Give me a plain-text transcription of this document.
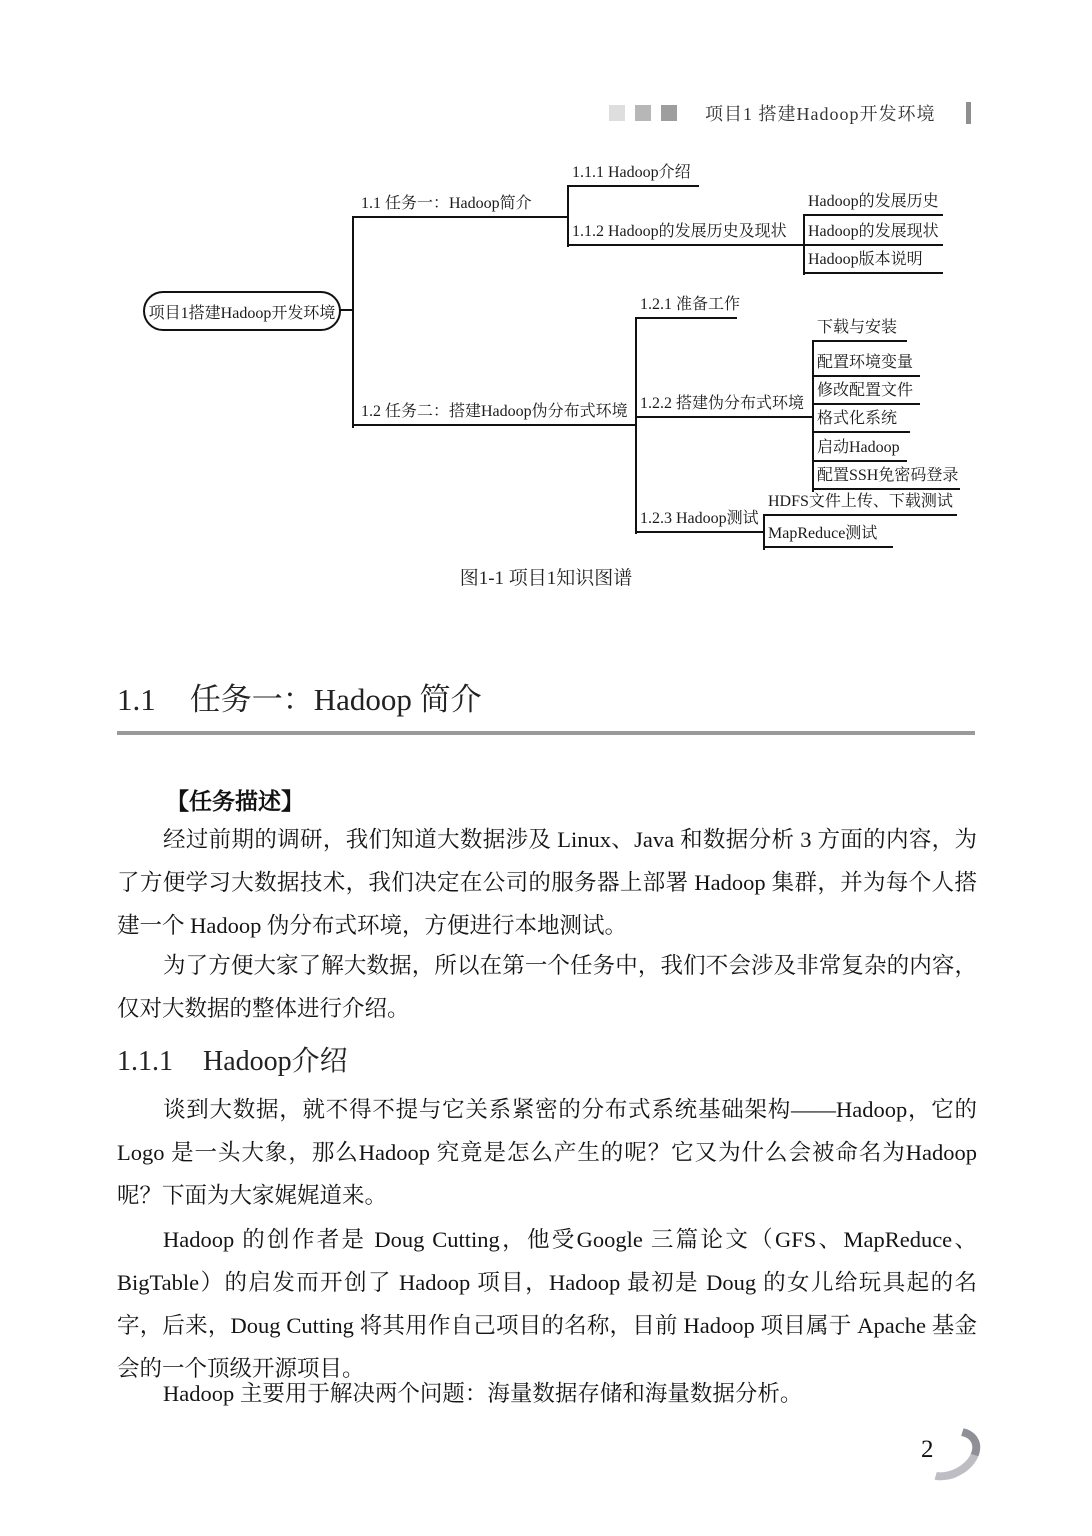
项目1 搭建Hadoop开发环境
项目1搭建Hadoop开发环境
1.1 任务一：Hadoop简介
1.1.1 Hadoop介绍
1.1.2 Hadoop的发展历史及现状
Hadoop的发展历史
Hadoop的发展现状
Hadoop版本说明
1.2 任务二：搭建Hadoop伪分布式环境
1.2.1 准备工作
1.2.2 搭建伪分布式环境
下载与安装
配置环境变量
修改配置文件
格式化系统
启动Hadoop
配置SSH免密码登录
1.2.3 Hadoop测试
HDFS文件上传、下载测试
MapReduce测试
图1-1 项目1知识图谱
1.1 任务一：Hadoop 简介
【任务描述】

经过前期的调研，我们知道大数据涉及 Linux、Java 和数据分析 3 方面的内容，为了方便学习大数据技术，我们决定在公司的服务器上部署 Hadoop 集群，并为每个人搭建一个 Hadoop 伪分布式环境，方便进行本地测试。

为了方便大家了解大数据，所以在第一个任务中，我们不会涉及非常复杂的内容， 仅对大数据的整体进行介绍。

1.1.1 Hadoop介绍

谈到大数据，就不得不提与它关系紧密的分布式系统基础架构——Hadoop，它的 Logo 是一头大象，那么Hadoop 究竟是怎么产生的呢？它又为什么会被命名为Hadoop 呢？下面为大家娓娓道来。

Hadoop 的创作者是 Doug Cutting，他受Google 三篇论文（GFS、MapReduce、BigTable）的启发而开创了 Hadoop 项目，Hadoop 最初是 Doug 的女儿给玩具起的名字，后来，Doug Cutting 将其用作自己项目的名称，目前 Hadoop 项目属于 Apache 基金会的一个顶级开源项目。

Hadoop 主要用于解决两个问题：海量数据存储和海量数据分析。

2
